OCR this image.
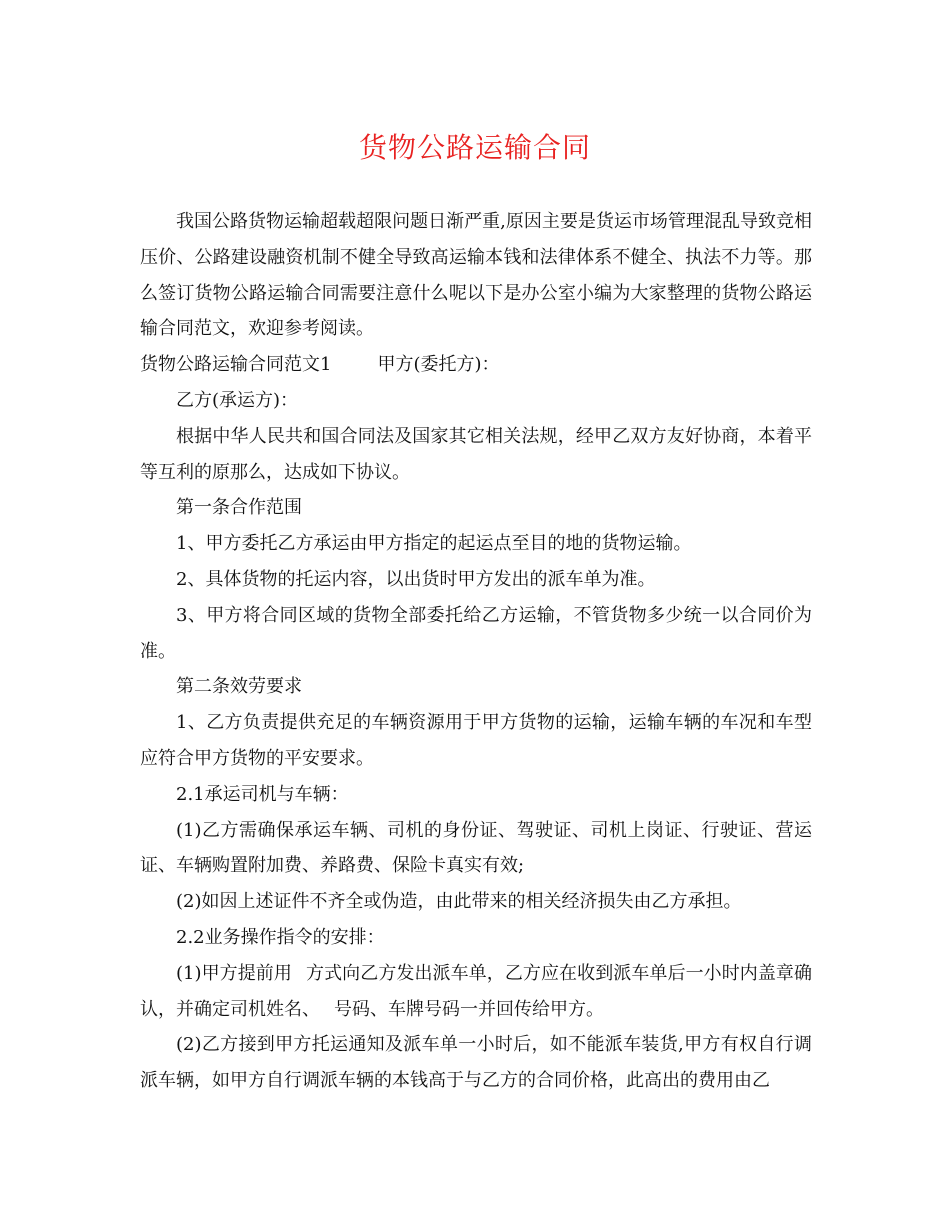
货物公路运输合同

我国公路货物运输超载超限问题日渐严重,原因主要是货运市场管理混乱导致竞相压价、公路建设融资机制不健全导致高运输本钱和法律体系不健全、执法不力等。那么签订货物公路运输合同需要注意什么呢以下是办公室小编为大家整理的货物公路运输合同范文，欢迎参考阅读。

货物公路运输合同范文1	甲方(委托方)：

乙方(承运方)：

根据中华人民共和国合同法及国家其它相关法规，经甲乙双方友好协商，本着平等互利的原那么，达成如下协议。

第一条合作范围

1、甲方委托乙方承运由甲方指定的起运点至目的地的货物运输。

2、具体货物的托运内容，以出货时甲方发出的派车单为准。

3、甲方将合同区域的货物全部委托给乙方运输，不管货物多少统一以合同价为准。

第二条效劳要求

1、乙方负责提供充足的车辆资源用于甲方货物的运输，运输车辆的车况和车型应符合甲方货物的平安要求。

2.1承运司机与车辆：

(1)乙方需确保承运车辆、司机的身份证、驾驶证、司机上岗证、行驶证、营运证、车辆购置附加费、养路费、保险卡真实有效;

(2)如因上述证件不齐全或伪造，由此带来的相关经济损失由乙方承担。

2.2业务操作指令的安排：

(1)甲方提前用 方式向乙方发出派车单，乙方应在收到派车单后一小时内盖章确认，并确定司机姓名、 号码、车牌号码一并回传给甲方。

(2)乙方接到甲方托运通知及派车单一小时后，如不能派车装货,甲方有权自行调派车辆，如甲方自行调派车辆的本钱高于与乙方的合同价格，此高出的费用由乙
